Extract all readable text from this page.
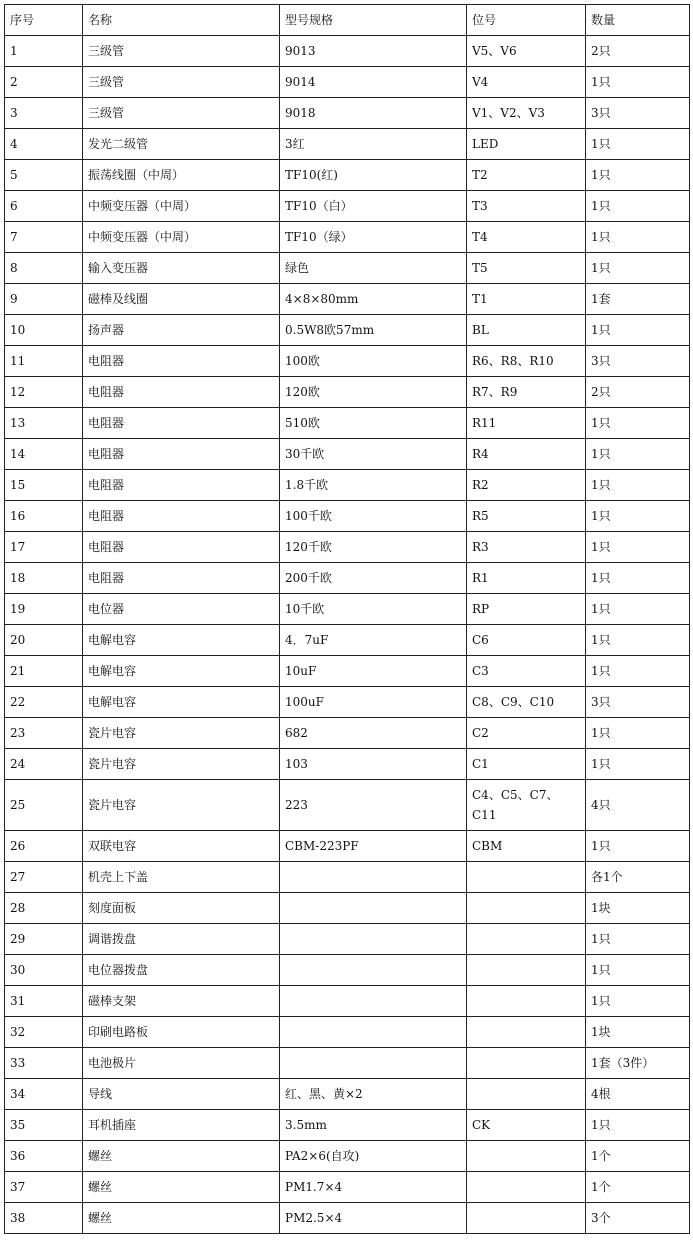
序号	名称	型号规格	位号	数量
1	三级管	9013	V5、V6	2只
2	三级管	9014	V4	1只
3	三级管	9018	V1、V2、V3	3只
4	发光二级管	3红	LED	1只
5	振荡线圈（中周）	TF10(红)	T2	1只
6	中频变压器（中周）	TF10（白）	T3	1只
7	中频变压器（中周）	TF10（绿）	T4	1只
8	输入变压器	绿色	T5	1只
9	磁棒及线圈	4×8×80mm	T1	1套
10	扬声器	0.5W8欧57mm	BL	1只
11	电阻器	100欧	R6、R8、R10	3只
12	电阻器	120欧	R7、R9	2只
13	电阻器	510欧	R11	1只
14	电阻器	30千欧	R4	1只
15	电阻器	1.8千欧	R2	1只
16	电阻器	100千欧	R5	1只
17	电阻器	120千欧	R3	1只
18	电阻器	200千欧	R1	1只
19	电位器	10千欧	RP	1只
20	电解电容	4．7uF	C6	1只
21	电解电容	10uF	C3	1只
22	电解电容	100uF	C8、C9、C10	3只
23	瓷片电容	682	C2	1只
24	瓷片电容	103	C1	1只
25	瓷片电容	223	C4、C5、C7、C11	4只
26	双联电容	CBM-223PF	CBM	1只
27	机壳上下盖			各1个
28	刻度面板			1块
29	调谐拨盘			1只
30	电位器拨盘			1只
31	磁棒支架			1只
32	印刷电路板			1块
33	电池极片			1套（3件）
34	导线	红、黑、黄×2		4根
35	耳机插座	3.5mm	CK	1只
36	螺丝	PA2×6(自攻)		1个
37	螺丝	PM1.7×4		1个
38	螺丝	PM2.5×4		3个
